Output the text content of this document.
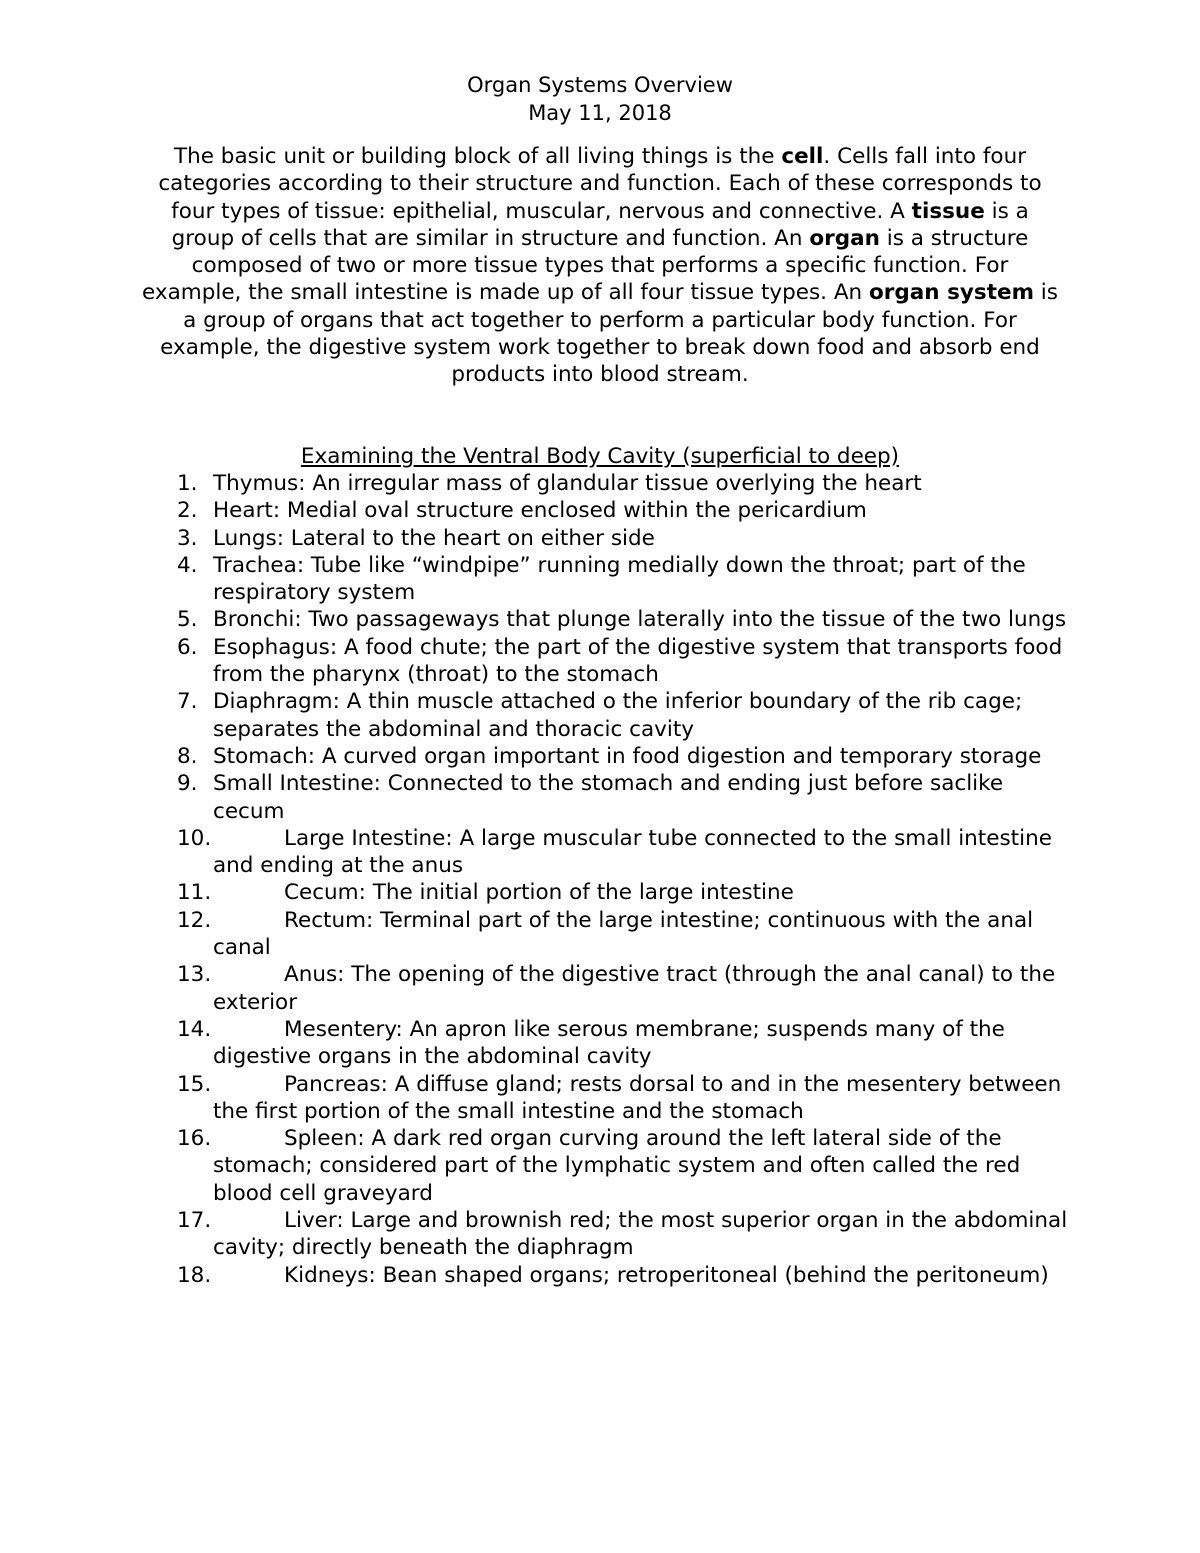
Organ Systems Overview
May 11, 2018

The basic unit or building block of all living things is the cell. Cells fall into four categories according to their structure and function. Each of these corresponds to four types of tissue: epithelial, muscular, nervous and connective. A tissue is a group of cells that are similar in structure and function. An organ is a structure composed of two or more tissue types that performs a specific function. For example, the small intestine is made up of all four tissue types. An organ system is a group of organs that act together to perform a particular body function. For example, the digestive system work together to break down food and absorb end products into blood stream.

Examining the Ventral Body Cavity (superficial to deep)
1. Thymus: An irregular mass of glandular tissue overlying the heart
2. Heart: Medial oval structure enclosed within the pericardium
3. Lungs: Lateral to the heart on either side
4. Trachea: Tube like “windpipe” running medially down the throat; part of the respiratory system
5. Bronchi: Two passageways that plunge laterally into the tissue of the two lungs
6. Esophagus: A food chute; the part of the digestive system that transports food from the pharynx (throat) to the stomach
7. Diaphragm: A thin muscle attached o the inferior boundary of the rib cage; separates the abdominal and thoracic cavity
8. Stomach: A curved organ important in food digestion and temporary storage
9. Small Intestine: Connected to the stomach and ending just before saclike cecum
10.	Large Intestine: A large muscular tube connected to the small intestine and ending at the anus
11.	Cecum: The initial portion of the large intestine
12.	Rectum: Terminal part of the large intestine; continuous with the anal canal
13.	Anus: The opening of the digestive tract (through the anal canal) to the exterior
14.	Mesentery: An apron like serous membrane; suspends many of the digestive organs in the abdominal cavity
15.	Pancreas: A diffuse gland; rests dorsal to and in the mesentery between the first portion of the small intestine and the stomach
16.	Spleen: A dark red organ curving around the left lateral side of the stomach; considered part of the lymphatic system and often called the red blood cell graveyard
17.	Liver: Large and brownish red; the most superior organ in the abdominal cavity; directly beneath the diaphragm
18.	Kidneys: Bean shaped organs; retroperitoneal (behind the peritoneum)
